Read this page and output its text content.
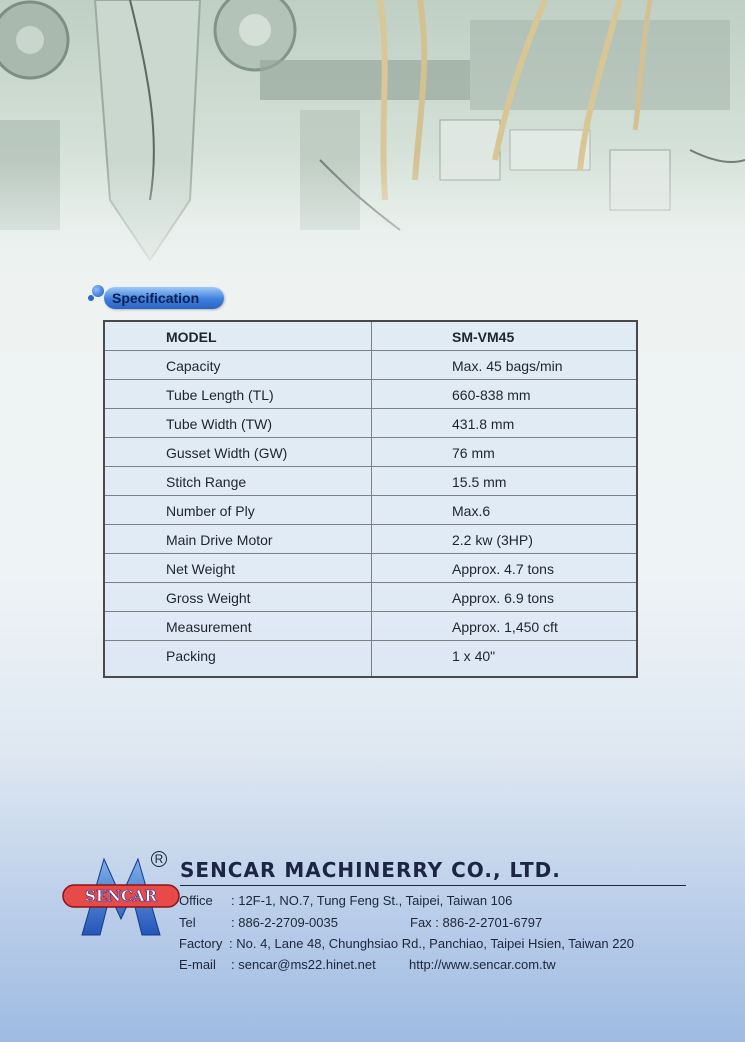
Specification
MODEL	SM-VM45
Capacity	Max. 45 bags/min
Tube Length (TL)	660-838 mm
Tube Width (TW)	431.8 mm
Gusset Width (GW)	76 mm
Stitch Range	15.5 mm
Number of Ply	Max.6
Main Drive Motor	2.2 kw (3HP)
Net Weight	Approx. 4.7 tons
Gross Weight	Approx. 6.9 tons
Measurement	Approx. 1,450 cft
Packing	1 x 40"
SENCAR
R SENCAR MACHINERRY CO., LTD.
Office : 12F-1, NO.7, Tung Feng St., Taipei, Taiwan 106
Tel	: 886-2-2709-0035	Fax : 886-2-2701-6797
Factory : No. 4, Lane 48, Chunghsiao Rd., Panchiao, Taipei Hsien, Taiwan 220
E-mail : sencar@ms22.hinet.net	http://www.sencar.com.tw
